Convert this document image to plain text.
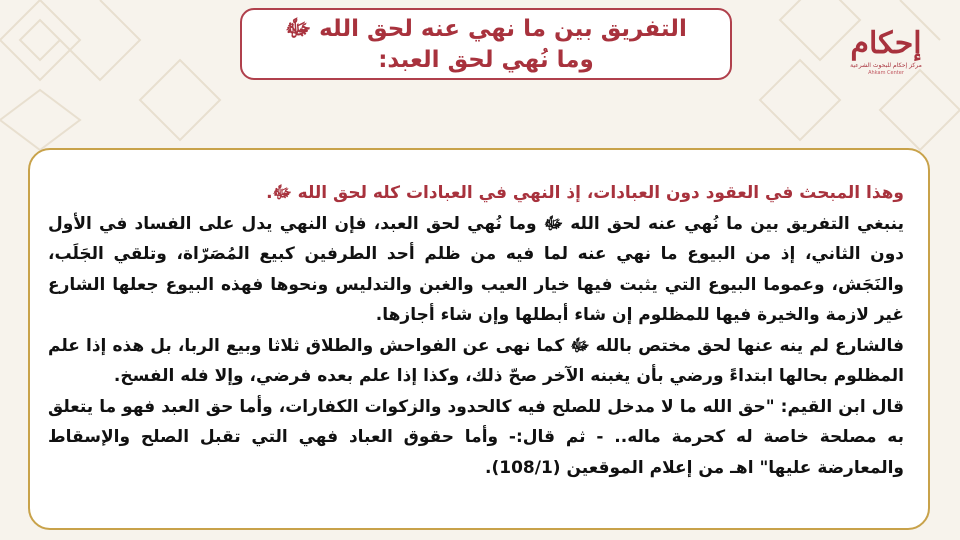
التفريق بين ما نهي عنه لحق الله ﷻ
وما نُهي لحق العبد:	إحكام
مركز إحكام للبحوث الشرعية
Ahkam Center

وهذا المبحث في العقود دون العبادات، إذ النهي في العبادات كله لحق الله ﷻ.

ينبغي التفريق بين ما نُهي عنه لحق الله ﷻ وما نُهي لحق العبد، فإن النهي يدل على الفساد في الأول دون الثاني، إذ من البيوع ما نهي عنه لما فيه من ظلم أحد الطرفين كبيع المُصَرّاة، وتلقي الجَلَب، والنَجَش، وعموما البيوع التي يثبت فيها خيار العيب والغبن والتدليس ونحوها فهذه البيوع جعلها الشارع غير لازمة والخيرة فيها للمظلوم إن شاء أبطلها وإن شاء أجازها.

فالشارع لم ينه عنها لحق مختص بالله ﷻ كما نهى عن الفواحش والطلاق ثلاثا وبيع الربا، بل هذه إذا علم المظلوم بحالها ابتداءً ورضي بأن يغبنه الآخر صحّ ذلك، وكذا إذا علم بعده فرضي، وإلا فله الفسخ.

قال ابن القيم: "حق الله ما لا مدخل للصلح فيه كالحدود والزكوات الكفارات، وأما حق العبد فهو ما يتعلق به مصلحة خاصة له كحرمة ماله.. - ثم قال:- وأما حقوق العباد فهي التي تقبل الصلح والإسقاط والمعارضة عليها" اهـ من إعلام الموقعين (108/1).
